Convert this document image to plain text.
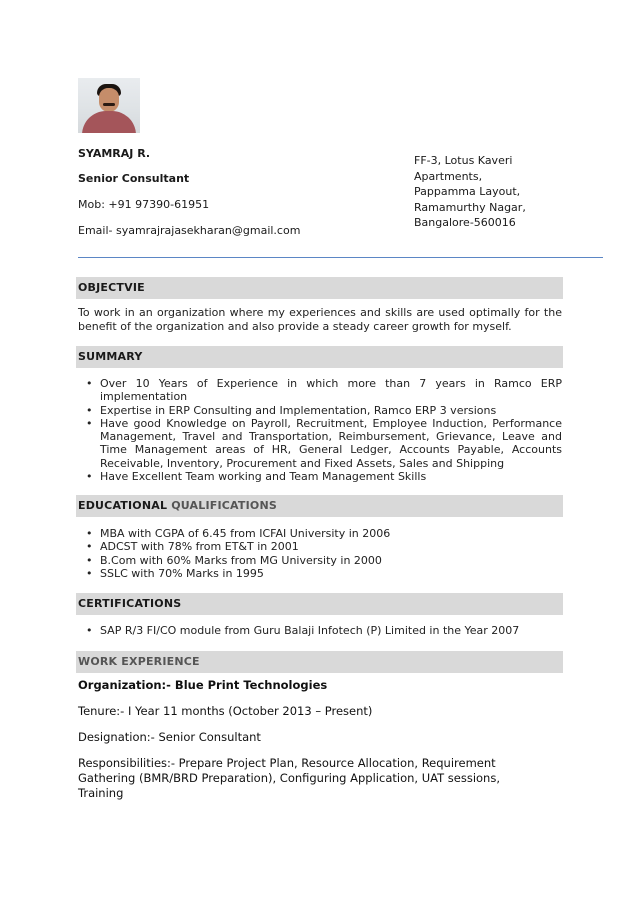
SYAMRAJ R.
Senior Consultant
Mob: +91 97390-61951
Email- syamrajrajasekharan@gmail.com
FF-3, Lotus Kaveri
Apartments,
Pappamma Layout,
Ramamurthy Nagar,
Bangalore-560016
OBJECTVIE
To work in an organization where my experiences and skills are used optimally for the benefit of the organization and also provide a steady career growth for myself.
SUMMARY
• Over 10 Years of Experience in which more than 7 years in Ramco ERP implementation
• Expertise in ERP Consulting and Implementation, Ramco ERP 3 versions
• Have good Knowledge on Payroll, Recruitment, Employee Induction, Performance Management, Travel and Transportation, Reimbursement, Grievance, Leave and Time Management areas of HR, General Ledger, Accounts Payable, Accounts Receivable, Inventory, Procurement and Fixed Assets, Sales and Shipping
• Have Excellent Team working and Team Management Skills
EDUCATIONAL QUALIFICATIONS
• MBA with CGPA of 6.45 from ICFAI University in 2006
• ADCST with 78% from ET&T in 2001
• B.Com with 60% Marks from MG University in 2000
• SSLC with 70% Marks in 1995
CERTIFICATIONS
• SAP R/3 FI/CO module from Guru Balaji Infotech (P) Limited in the Year 2007
WORK EXPERIENCE
Organization:- Blue Print Technologies
Tenure:- I Year 11 months (October 2013 – Present)
Designation:- Senior Consultant
Responsibilities:- Prepare Project Plan, Resource Allocation, Requirement Gathering (BMR/BRD Preparation), Configuring Application, UAT sessions, Training
